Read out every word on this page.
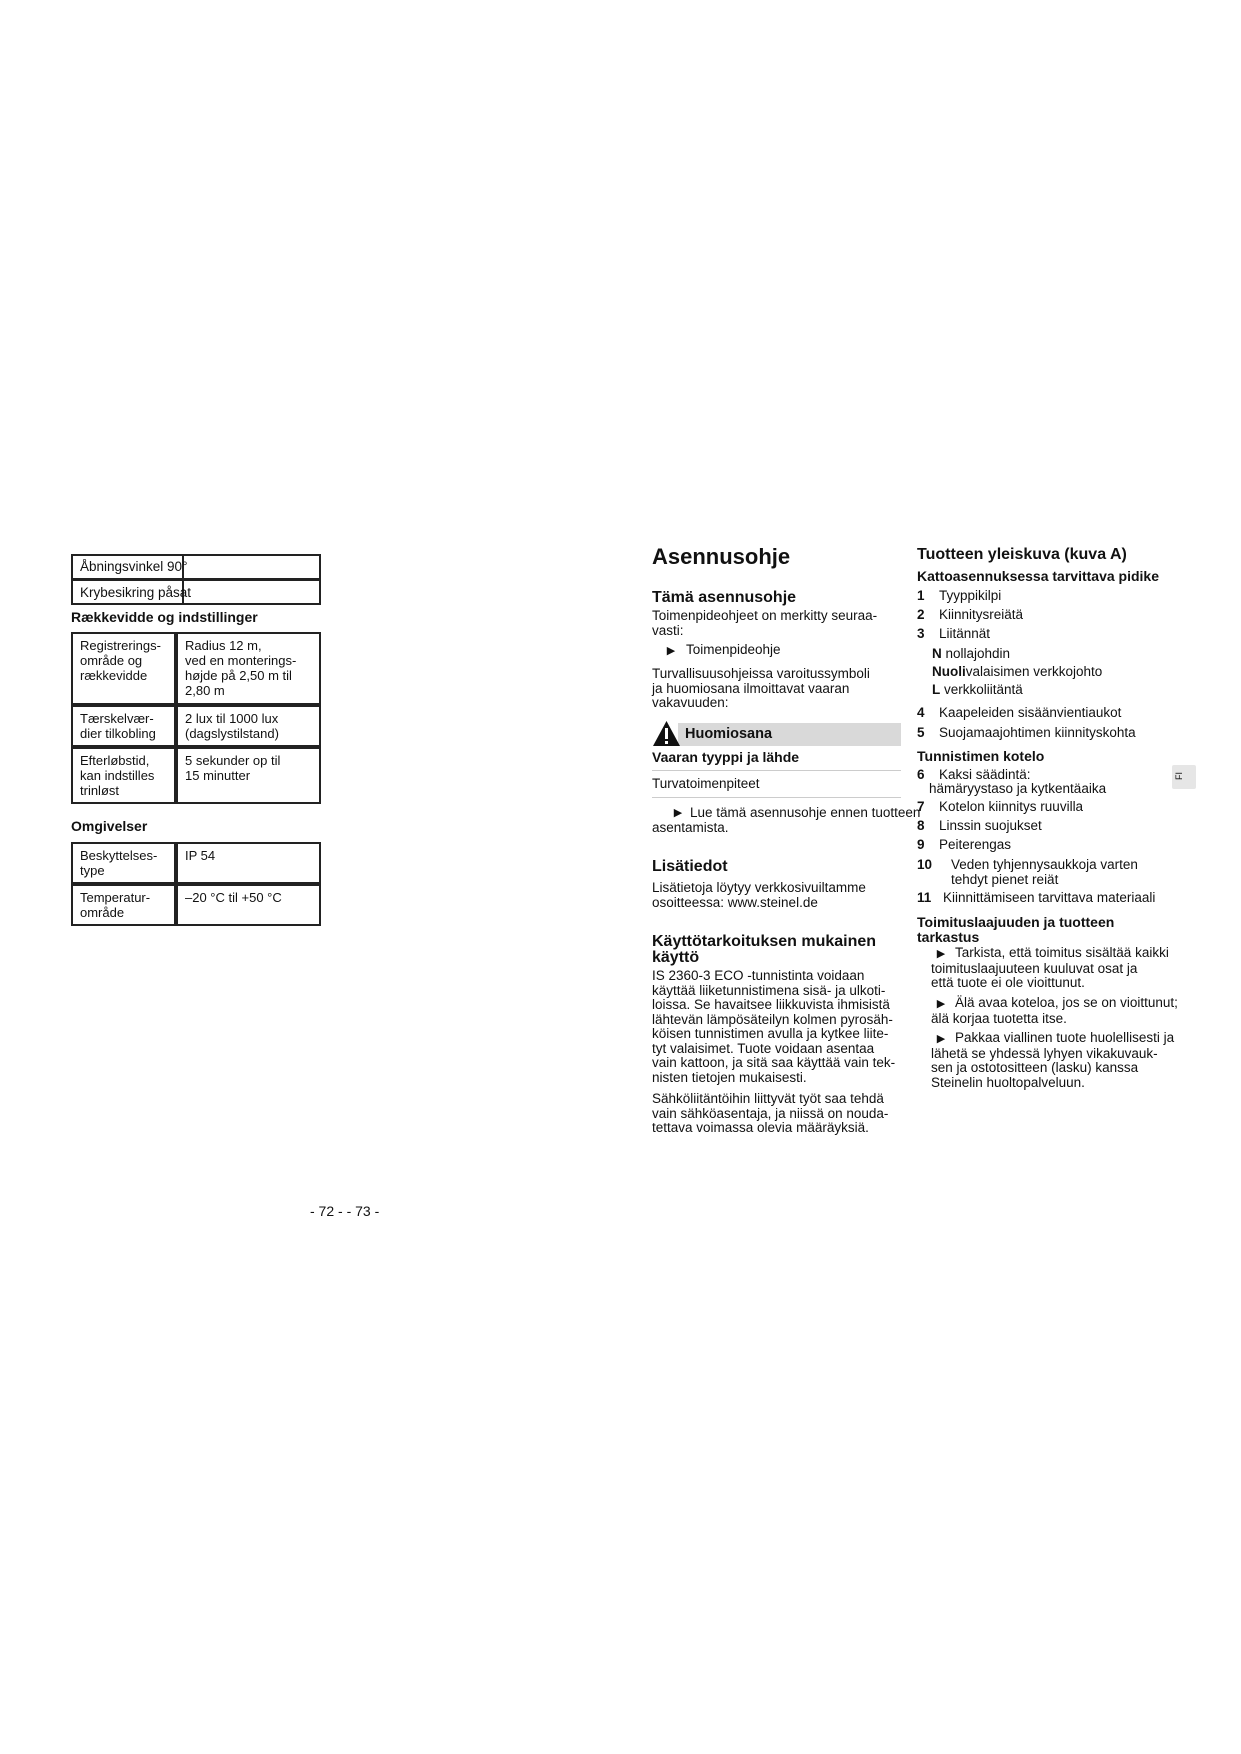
Åbningsvinkel 90°
Krybesikring påsat
Rækkevidde og indstillinger
Registrerings-
område og
rækkevidde	Radius 12 m,
ved en monterings-
højde på 2,50 m til
2,80 m
Tærskelvær-
dier tilkobling	2 lux til 1000 lux
(dagslystilstand)
Efterløbstid,
kan indstilles
trinløst	5 sekunder op til
15 minutter
Omgivelser
Beskyttelses-
type	IP 54
Temperatur-
område	–20 °C til +50 °C
- 72 - - 73 -
Asennusohje
Tämä asennusohje
Toimenpideohjeet on merkitty seuraa-
vasti:
▶ Toimenpideohje
Turvallisuusohjeissa varoitussymboli
ja huomiosana ilmoittavat vaaran
vakavuuden:
Huomiosana
Vaaran tyyppi ja lähde
Turvatoimenpiteet
▶ Lue tämä asennusohje ennen tuotteen
asentamista.
Lisätiedot
Lisätietoja löytyy verkkosivuiltamme
osoitteessa: www.steinel.de
Käyttötarkoituksen mukainen
käyttö
IS 2360-3 ECO -tunnistinta voidaan
käyttää liiketunnistimena sisä- ja ulkoti-
loissa. Se havaitsee liikkuvista ihmisistä
lähtevän lämpösäteilyn kolmen pyrosäh-
köisen tunnistimen avulla ja kytkee liite-
tyt valaisimet. Tuote voidaan asentaa
vain kattoon, ja sitä saa käyttää vain tek-
nisten tietojen mukaisesti.
Sähköliitäntöihin liittyvät työt saa tehdä
vain sähköasentaja, ja niissä on nouda-
tettava voimassa olevia määräyksiä.
Tuotteen yleiskuva (kuva A)
Kattoasennuksessa tarvittava pidike
1 Tyyppikilpi
2 Kiinnitysreiätä
3 Liitännät
N nollajohdin
Nuolivalaisimen verkkojohto
L verkkoliitäntä
4 Kaapeleiden sisäänvientiaukot
5 Suojamaajohtimen kiinnityskohta
Tunnistimen kotelo
6 Kaksi säädintä:
hämäryystaso ja kytkentäaika
7 Kotelon kiinnitys ruuvilla
8 Linssin suojukset
9 Peiterengas
10	Veden tyhjennysaukkoja varten
tehdyt pienet reiät
11 Kiinnittämiseen tarvittava materiaali
Toimituslaajuuden ja tuotteen
tarkastus
▶ Tarkista, että toimitus sisältää kaikki
toimituslaajuuteen kuuluvat osat ja
että tuote ei ole vioittunut.
▶ Älä avaa koteloa, jos se on vioittunut;
älä korjaa tuotetta itse.
▶ Pakkaa viallinen tuote huolellisesti ja
lähetä se yhdessä lyhyen vikakuvauk-
sen ja ostotositteen (lasku) kanssa
Steinelin huoltopalveluun.
FI
